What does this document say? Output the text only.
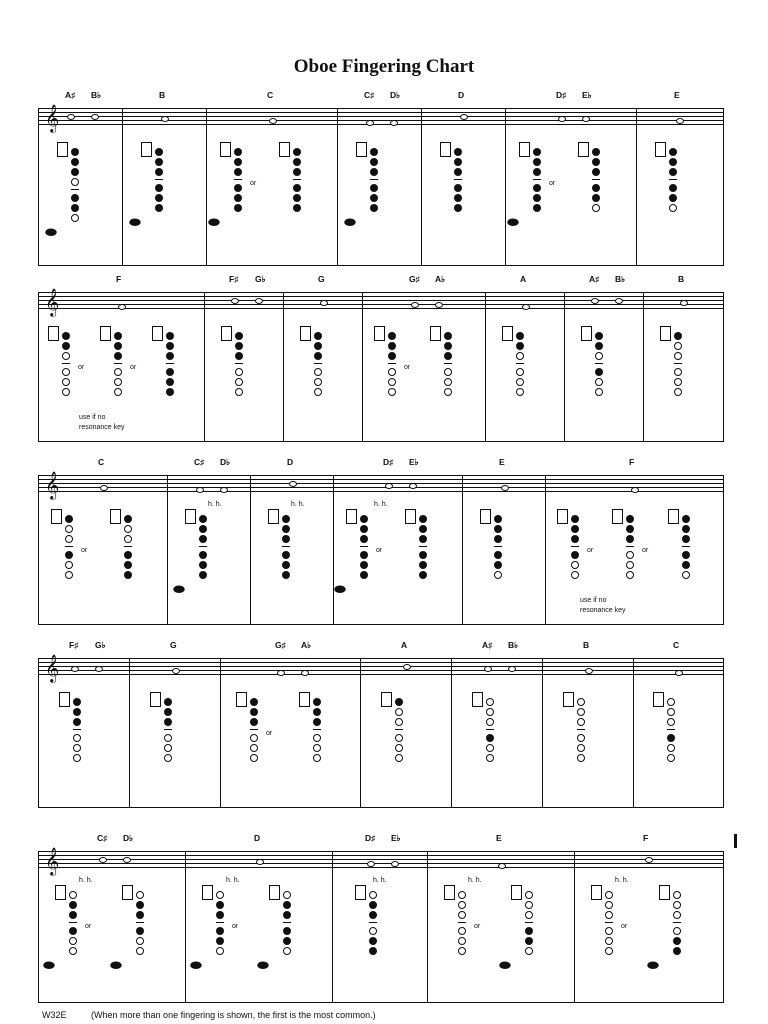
Oboe Fingering Chart
𝄞
A♯ B♭
⬬
B
⬬
C
⬬
or
C♯ D♭
⬬
D	D♯ E♭
⬬
or
E
𝄞
F
or	or
use if no
resonance key
F♯ G♭	G	G♯ A♭
or
A	A♯ B♭	B
𝄞
C
or
C♯ D♭
⬬
h. h.
D
h. h.
D♯ E♭
⬬
or
h. h.
E	F
or	or
use if no
resonance key
𝄞
F♯ G♭	G	G♯ A♭
or
A	A♯ B♭	B	C
𝄞
C♯ D♭
⬬
or
⬬
h. h.
D
⬬
or
⬬
h. h.
D♯ E♭
h. h.
E
or
⬬
h. h.
F
or
⬬
h. h.
W32E	(When more than one fingering is shown, the first is the most common.)
